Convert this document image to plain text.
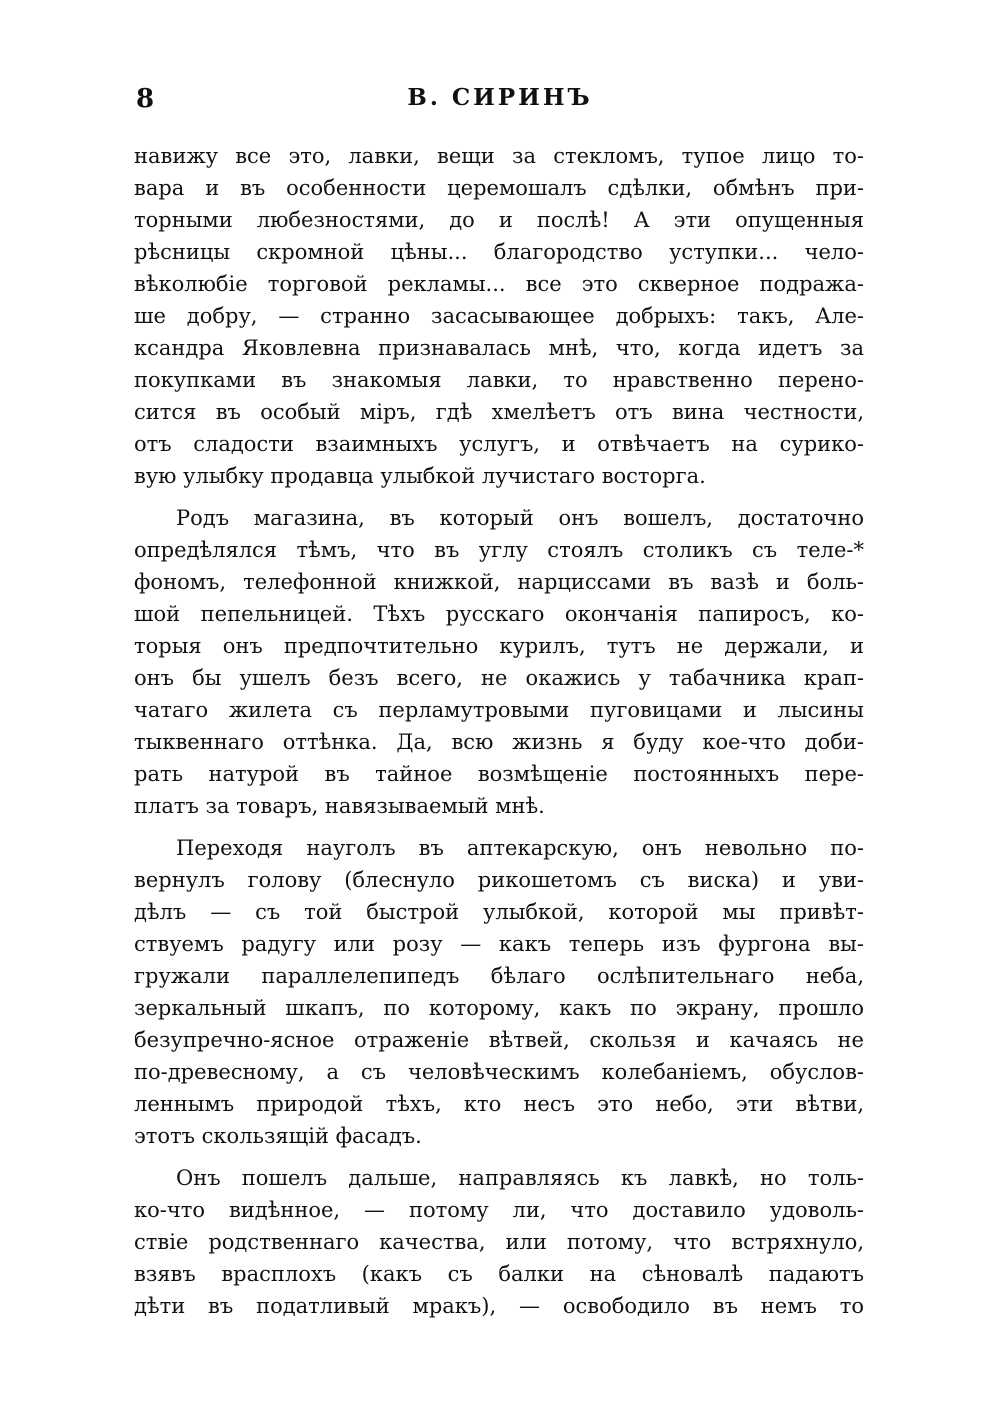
8	В. СИРИНЪ
навижу все это, лавки, вещи за стекломъ, тупое лицо то-
вара и въ особенности церемошалъ сдѣлки, обмѣнъ при-
торными любезностями, до и послѣ! А эти опущенныя
рѣсницы скромной цѣны... благородство уступки... чело-
вѣколюбіе торговой рекламы... все это скверное подража-
ше добру, — странно засасывающее добрыхъ: такъ, Але-
ксандра Яковлевна признавалась мнѣ, что, когда идетъ за
покупками въ знакомыя лавки, то нравственно перено-
сится въ особый міръ, гдѣ хмелѣетъ отъ вина честности,
отъ сладости взаимныхъ услугъ, и отвѣчаетъ на сурико-
вую улыбку продавца улыбкой лучистаго восторга.
Родъ магазина, въ который онъ вошелъ, достаточно
опредѣлялся тѣмъ, что въ углу стоялъ столикъ съ теле-*
фономъ, телефонной книжкой, нарциссами въ вазѣ и боль-
шой пепельницей. Тѣхъ русскаго окончанія папиросъ, ко-
торыя онъ предпочтительно курилъ, тутъ не держали, и
онъ бы ушелъ безъ всего, не окажись у табачника крап-
чатаго жилета съ перламутровыми пуговицами и лысины
тыквеннаго оттѣнка. Да, всю жизнь я буду кое-что доби-
рать натурой въ тайное возмѣщеніе постоянныхъ пере-
платъ за товаръ, навязываемый мнѣ.
Переходя науголъ въ аптекарскую, онъ невольно по-
вернулъ голову (блеснуло рикошетомъ съ виска) и уви-
дѣлъ — съ той быстрой улыбкой, которой мы привѣт-
ствуемъ радугу или розу — какъ теперь изъ фургона вы-
гружали параллелепипедъ бѣлаго ослѣпительнаго неба,
зеркальный шкапъ, по которому, какъ по экрану, прошло
безупречно-ясное отраженіе вѣтвей, скользя и качаясь не
по-древесному, а съ человѣческимъ колебаніемъ, обуслов-
леннымъ природой тѣхъ, кто несъ это небо, эти вѣтви,
этотъ скользящій фасадъ.
Онъ пошелъ дальше, направляясь къ лавкѣ, но толь-
ко-что видѣнное, — потому ли, что доставило удоволь-
ствіе родственнаго качества, или потому, что встряхнуло,
взявъ врасплохъ (какъ съ балки на сѣновалѣ падаютъ
дѣти въ податливый мракъ), — освободило въ немъ то
